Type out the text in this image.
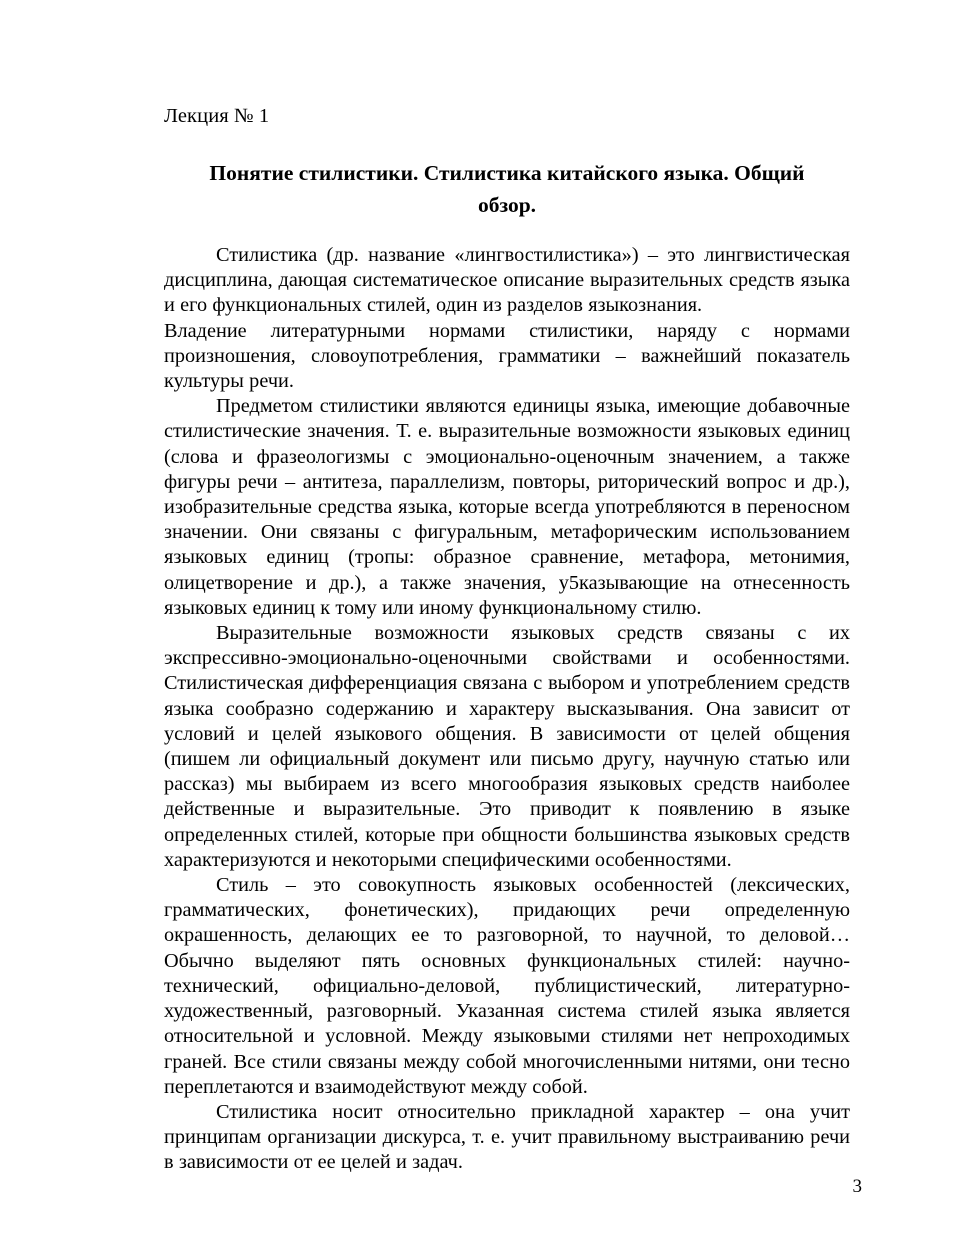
Лекция № 1
Понятие стилистики. Стилистика китайского языка. Общий обзор.

Стилистика (др. название «лингвостилистика») – это лингвистическая дисциплина, дающая систематическое описание выразительных средств языка и его функциональных стилей, один из разделов языкознания.

Владение литературными нормами стилистики, наряду с нормами произношения, словоупотребления, грамматики – важнейший показатель культуры речи.

Предметом стилистики являются единицы языка, имеющие добавочные стилистические значения. Т. е. выразительные возможности языковых единиц (слова и фразеологизмы с эмоционально-оценочным значением, а также фигуры речи – антитеза, параллелизм, повторы, риторический вопрос и др.), изобразительные средства языка, которые всегда употребляются в переносном значении. Они связаны с фигуральным, метафорическим использованием языковых единиц (тропы: образное сравнение, метафора, метонимия, олицетворение и др.), а также значения, у5казывающие на отнесенность языковых единиц к тому или иному функциональному стилю.

Выразительные возможности языковых средств связаны с их экспрессивно-эмоционально-оценочными свойствами и особенностями. Стилистическая дифференциация связана с выбором и употреблением средств языка сообразно содержанию и характеру высказывания. Она зависит от условий и целей языкового общения. В зависимости от целей общения (пишем ли официальный документ или письмо другу, научную статью или рассказ) мы выбираем из всего многообразия языковых средств наиболее действенные и выразительные. Это приводит к появлению в языке определенных стилей, которые при общности большинства языковых средств характеризуются и некоторыми специфическими особенностями.

Стиль – это совокупность языковых особенностей (лексических, грамматических, фонетических), придающих речи определенную окрашенность, делающих ее то разговорной, то научной, то деловой… Обычно выделяют пять основных функциональных стилей: научно-технический, официально-деловой, публицистический, литературно-художественный, разговорный. Указанная система стилей языка является относительной и условной. Между языковыми стилями нет непроходимых граней. Все стили связаны между собой многочисленными нитями, они тесно переплетаются и взаимодействуют между собой.

Стилистика носит относительно прикладной характер – она учит принципам организации дискурса, т. е. учит правильному выстраиванию речи в зависимости от ее целей и задач.

3
